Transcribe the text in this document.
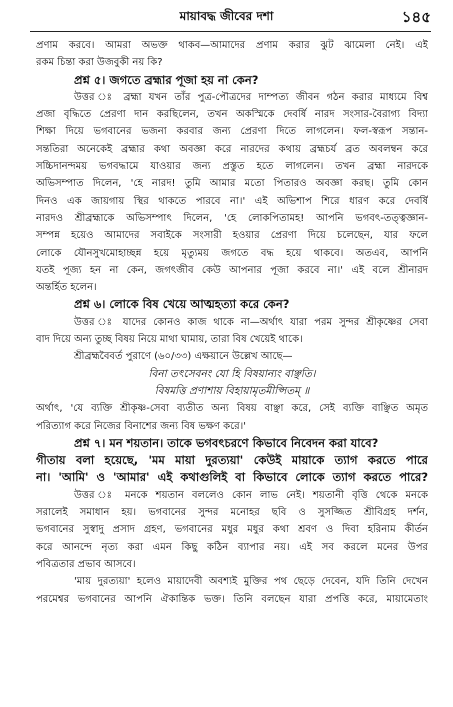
মায়াবদ্ধ জীবের দশা	১৪৫
প্রণাম করবে। আমরা অভক্ত থাকব—আমাদের প্রণাম করার ঝুট ঝামেলা নেই। এই
রকম চিন্তা করা উজবুকী নয় কি?
প্রশ্ন ৫। জগতে ব্রহ্মার পূজা হয় না কেন?
উত্তর ঃ ব্রহ্মা যখন তাঁর পুত্র-পৌত্রদের দাম্পত্য জীবন গঠন করার মাধ্যমে বিশ্ব
প্রজা বৃদ্ধিতে প্রেরণা দান করছিলেন, তখন অকস্মিকে দেবর্ষি নারদ সংসার-বৈরাগ্য বিদ্যা
শিক্ষা দিয়ে ভগবানের ভজনা করবার জন্য প্রেরণা দিতে লাগলেন। ফল-স্বরূপ সন্তান-
সন্ততিরা অনেকেই ব্রহ্মার কথা অবজ্ঞা করে নারদের কথায় ব্রহ্মচর্য ব্রত অবলম্বন করে
সচ্চিদানন্দময় ভগবদ্ধামে যাওয়ার জন্য প্রস্তুত হতে লাগলেন। তখন ব্রহ্মা নারদকে
অভিসম্পাত দিলেন, 'হে নারদ! তুমি আমার মতো পিতারও অবজ্ঞা করছ। তুমি কোন
দিনও এক জায়গায় স্থির থাকতে পারবে না।' এই অভিশাপ শিরে ধারণ করে দেবর্ষি
নারদও শ্রীব্রহ্মাকে অভিসম্পাৎ দিলেন, 'হে লোকপিতামহ! আপনি ভগবৎ-তত্ত্বজ্ঞান-
সম্পন্ন হয়েও আমাদের সবাইকে সংসারী হওয়ার প্রেরণা দিয়ে চলেছেন, যার ফলে
লোকে যৌনসুখমোহাচ্ছন্ন হয়ে মৃত্যুময় জগতে বদ্ধ হয়ে থাকবে। অতএব, আপনি
যতই পূজ্য হন না কেন, জগৎজীব কেউ আপনার পূজা করবে না।' এই বলে শ্রীনারদ
অন্তর্হিত হলেন।
প্রশ্ন ৬। লোকে বিষ খেয়ে আত্মহত্যা করে কেন?
উত্তর ঃ যাদের কোনও কাজ থাকে না—অর্থাৎ যারা পরম সুন্দর শ্রীকৃষ্ণের সেবা
বাদ দিয়ে অন্য তুচ্ছ বিষয় নিয়ে মাথা ঘামায়, তারা বিষ খেয়েই থাকে।
শ্রীব্রহ্মবৈবর্ত পুরাণে (৬০/৩৩) এক্ষয়ানে উল্লেখ আছে—
বিনা তৎসেবনং যো হি বিষয়ান্যং বাঞ্ছতি।
বিষমত্তি প্রণাশায় বিহায়ামৃতমীপ্সিতম্ ॥
অর্থাৎ, 'যে ব্যক্তি শ্রীকৃষ্ণ-সেবা ব্যতীত অন্য বিষয় বাঞ্ছা করে, সেই ব্যক্তি বাঞ্ছিত অমৃত
পরিত্যাগ করে নিজের বিনাশের জন্য বিষ ভক্ষণ করে।'
প্রশ্ন ৭। মন শয়তান। তাকে ভগবৎচরণে কিভাবে নিবেদন করা যাবে?
গীতায় বলা হয়েছে, 'মম মায়া দুরত্যয়া' কেউই মায়াকে ত্যাগ করতে পারে
না। 'আমি' ও 'আমার' এই কথাগুলিই বা কিভাবে লোকে ত্যাগ করতে পারে?
উত্তর ঃ মনকে শয়তান বললেও কোন লাভ নেই। শয়তানী বৃত্তি থেকে মনকে
সরালেই সমাধান হয়। ভগবানের সুন্দর মনোহর ছবি ও সুসজ্জিত শ্রীবিগ্রহ দর্শন,
ভগবানের সুস্বাদু প্রসাদ গ্রহণ, ভগবানের মধুর মধুর কথা শ্রবণ ও দিবা হরিনাম কীর্তন
করে আনন্দে নৃত্য করা এমন কিছু কঠিন ব্যাপার নয়। এই সব করলে মনের উপর
পবিত্রতার প্রভাব আসবে।
'মায় দুরত্যয়া' হলেও মায়াদেবী অবশ্যই মুক্তির পথ ছেড়ে দেবেন, যদি তিনি দেখেন
পরমেশ্বর ভগবানের আপনি ঐকান্তিক ভক্ত। তিনি বলছেন যারা প্রপত্তি করে, মায়ামেতাং
